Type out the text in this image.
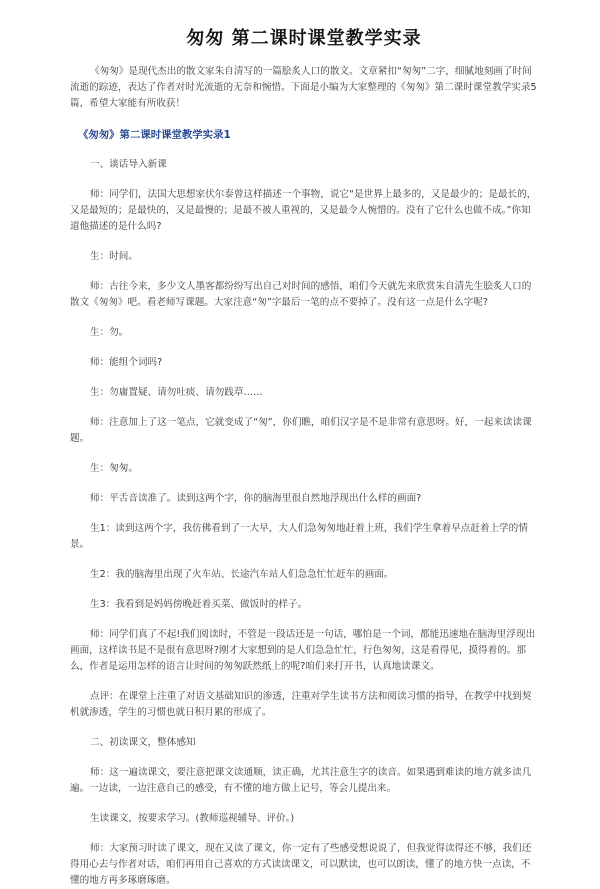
匆匆 第二课时课堂教学实录

《匆匆》是现代杰出的散文家朱自清写的一篇脍炙人口的散文。文章紧扣“匆匆”二字，细腻地刻画了时间流逝的踪迹，表达了作者对时光流逝的无奈和惋惜。下面是小编为大家整理的《匆匆》第二课时课堂教学实录5篇，希望大家能有所收获！

《匆匆》第二课时课堂教学实录1

一、谈话导入新课

师：同学们，法国大思想家伏尔泰曾这样描述一个事物，说它“是世界上最多的，又是最少的；是最长的，又是最短的；是最快的，又是最慢的；是最不被人重视的，又是最令人惋惜的。没有了它什么也做不成。”你知道他描述的是什么吗?

生：时间。

师：古往今来，多少文人墨客都纷纷写出自己对时间的感悟，咱们今天就先来欣赏朱自清先生脍炙人口的散文《匆匆》吧。看老师写课题。大家注意“匆”字最后一笔的点不要掉了。没有这一点是什么字呢?

生：勿。

师：能组个词吗?

生：勿庸置疑、请勿吐痰、请勿践草……

师：注意加上了这一笔点，它就变成了“匆”，你们瞧，咱们汉字是不是非常有意思呀。好，一起来读读课题。

生：匆匆。

师：平舌音读准了。读到这两个字，你的脑海里很自然地浮现出什么样的画面?

生1：读到这两个字，我仿佛看到了一大早，大人们急匆匆地赶着上班，我们学生拿着早点赶着上学的情景。

生2：我的脑海里出现了火车站、长途汽车站人们急急忙忙赶车的画面。

生3：我看到是妈妈傍晚赶着买菜、做饭时的样子。

师：同学们真了不起!我们阅读时，不管是一段话还是一句话，哪怕是一个词，都能迅速地在脑海里浮现出画面，这样读书是不是很有意思呀?刚才大家想到的是人们急急忙忙，行色匆匆，这是看得见，摸得着的。那么，作者是运用怎样的语言让时间的匆匆跃然纸上的呢?咱们来打开书，认真地读课文。

点评：在课堂上注重了对语文基础知识的渗透，注重对学生读书方法和阅读习惯的指导，在教学中找到契机就渗透，学生的习惯也就日积月累的形成了。

二、初读课文，整体感知

师：这一遍读课文，要注意把课文读通顺，读正确，尤其注意生字的读音。如果遇到难读的地方就多读几遍。一边读，一边注意自己的感受，有不懂的地方做上记号，等会儿提出来。

生读课文，按要求学习。(教师巡视辅导、评价。)

师：大家预习时读了课文，现在又读了课文，你一定有了些感受想说说了，但我觉得读得还不够，我们还得用心去与作者对话，咱们再用自己喜欢的方式读读课文，可以默读，也可以朗读，懂了的地方快一点读，不懂的地方再多琢磨琢磨。
